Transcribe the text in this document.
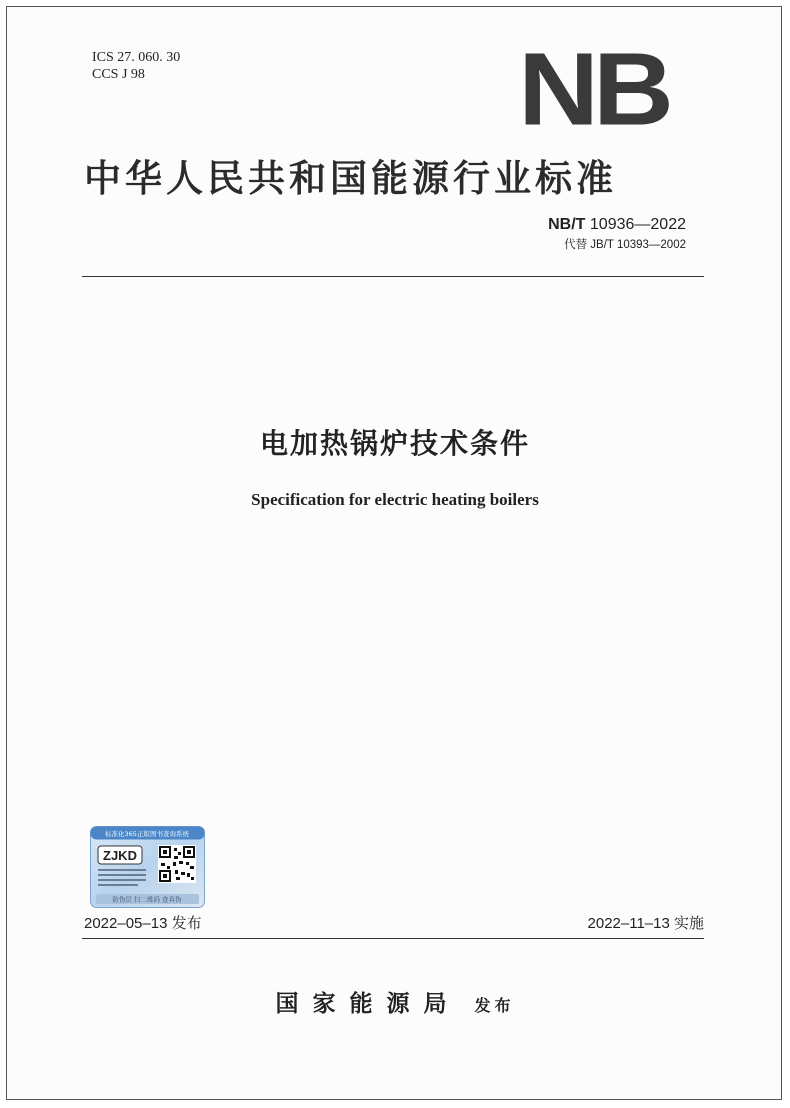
ICS 27. 060. 30
CCS J 98	NB
中华人民共和国能源行业标准
NB/T 10936—2022
代替 JB/T 10393—2002
电加热锅炉技术条件
Specification for electric heating boilers
标准化365正版图书查询系统
ZJKD
防伪层 扫二维码 查真伪
2022–05–13 发布	2022–11–13 实施
国家能源局 发布
